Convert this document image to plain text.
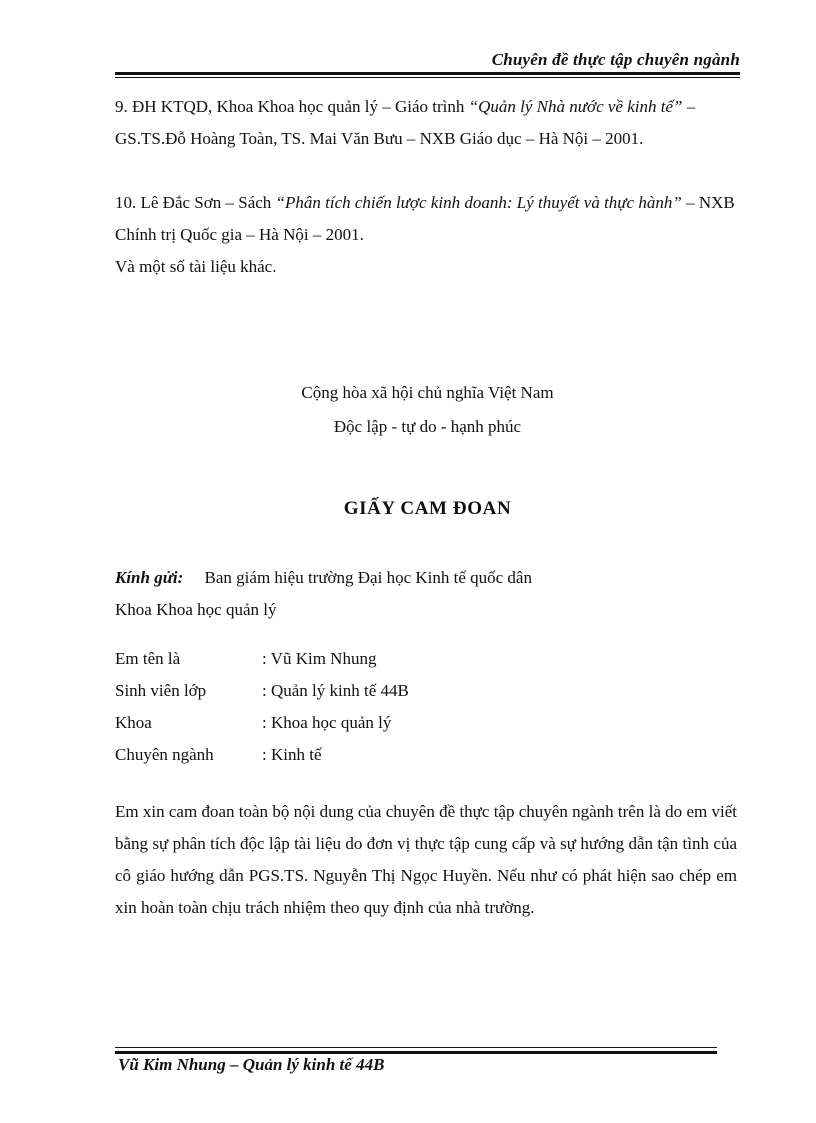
Chuyên đề thực tập chuyên ngành
9. ĐH KTQD, Khoa Khoa học quản lý – Giáo trình “Quản lý Nhà nước về kinh tế” – GS.TS.Đỗ Hoàng Toàn, TS. Mai Văn Bưu – NXB Giáo dục – Hà Nội – 2001.
10. Lê Đắc Sơn – Sách “Phân tích chiến lược kinh doanh: Lý thuyết và thực hành” – NXB Chính trị Quốc gia – Hà Nội – 2001.
Và một số tài liệu khác.
Cộng hòa xã hội chủ nghĩa Việt Nam
Độc lập - tự do - hạnh phúc
GIẤY CAM ĐOAN
Kính gửi: Ban giám hiệu trường Đại học Kinh tế quốc dân
Khoa Khoa học quản lý
Em tên là	: Vũ Kim Nhung
Sinh viên lớp	: Quản lý kinh tế 44B
Khoa	: Khoa học quản lý
Chuyên ngành	: Kinh tế
Em xin cam đoan toàn bộ nội dung của chuyên đề thực tập chuyên ngành trên là do em viết bằng sự phân tích độc lập tài liệu do đơn vị thực tập cung cấp và sự hướng dẫn tận tình của cô giáo hướng dẫn PGS.TS. Nguyễn Thị Ngọc Huyền. Nếu như có phát hiện sao chép em xin hoàn toàn chịu trách nhiệm theo quy định của nhà trường.
Vũ Kim Nhung – Quản lý kinh tế 44B
